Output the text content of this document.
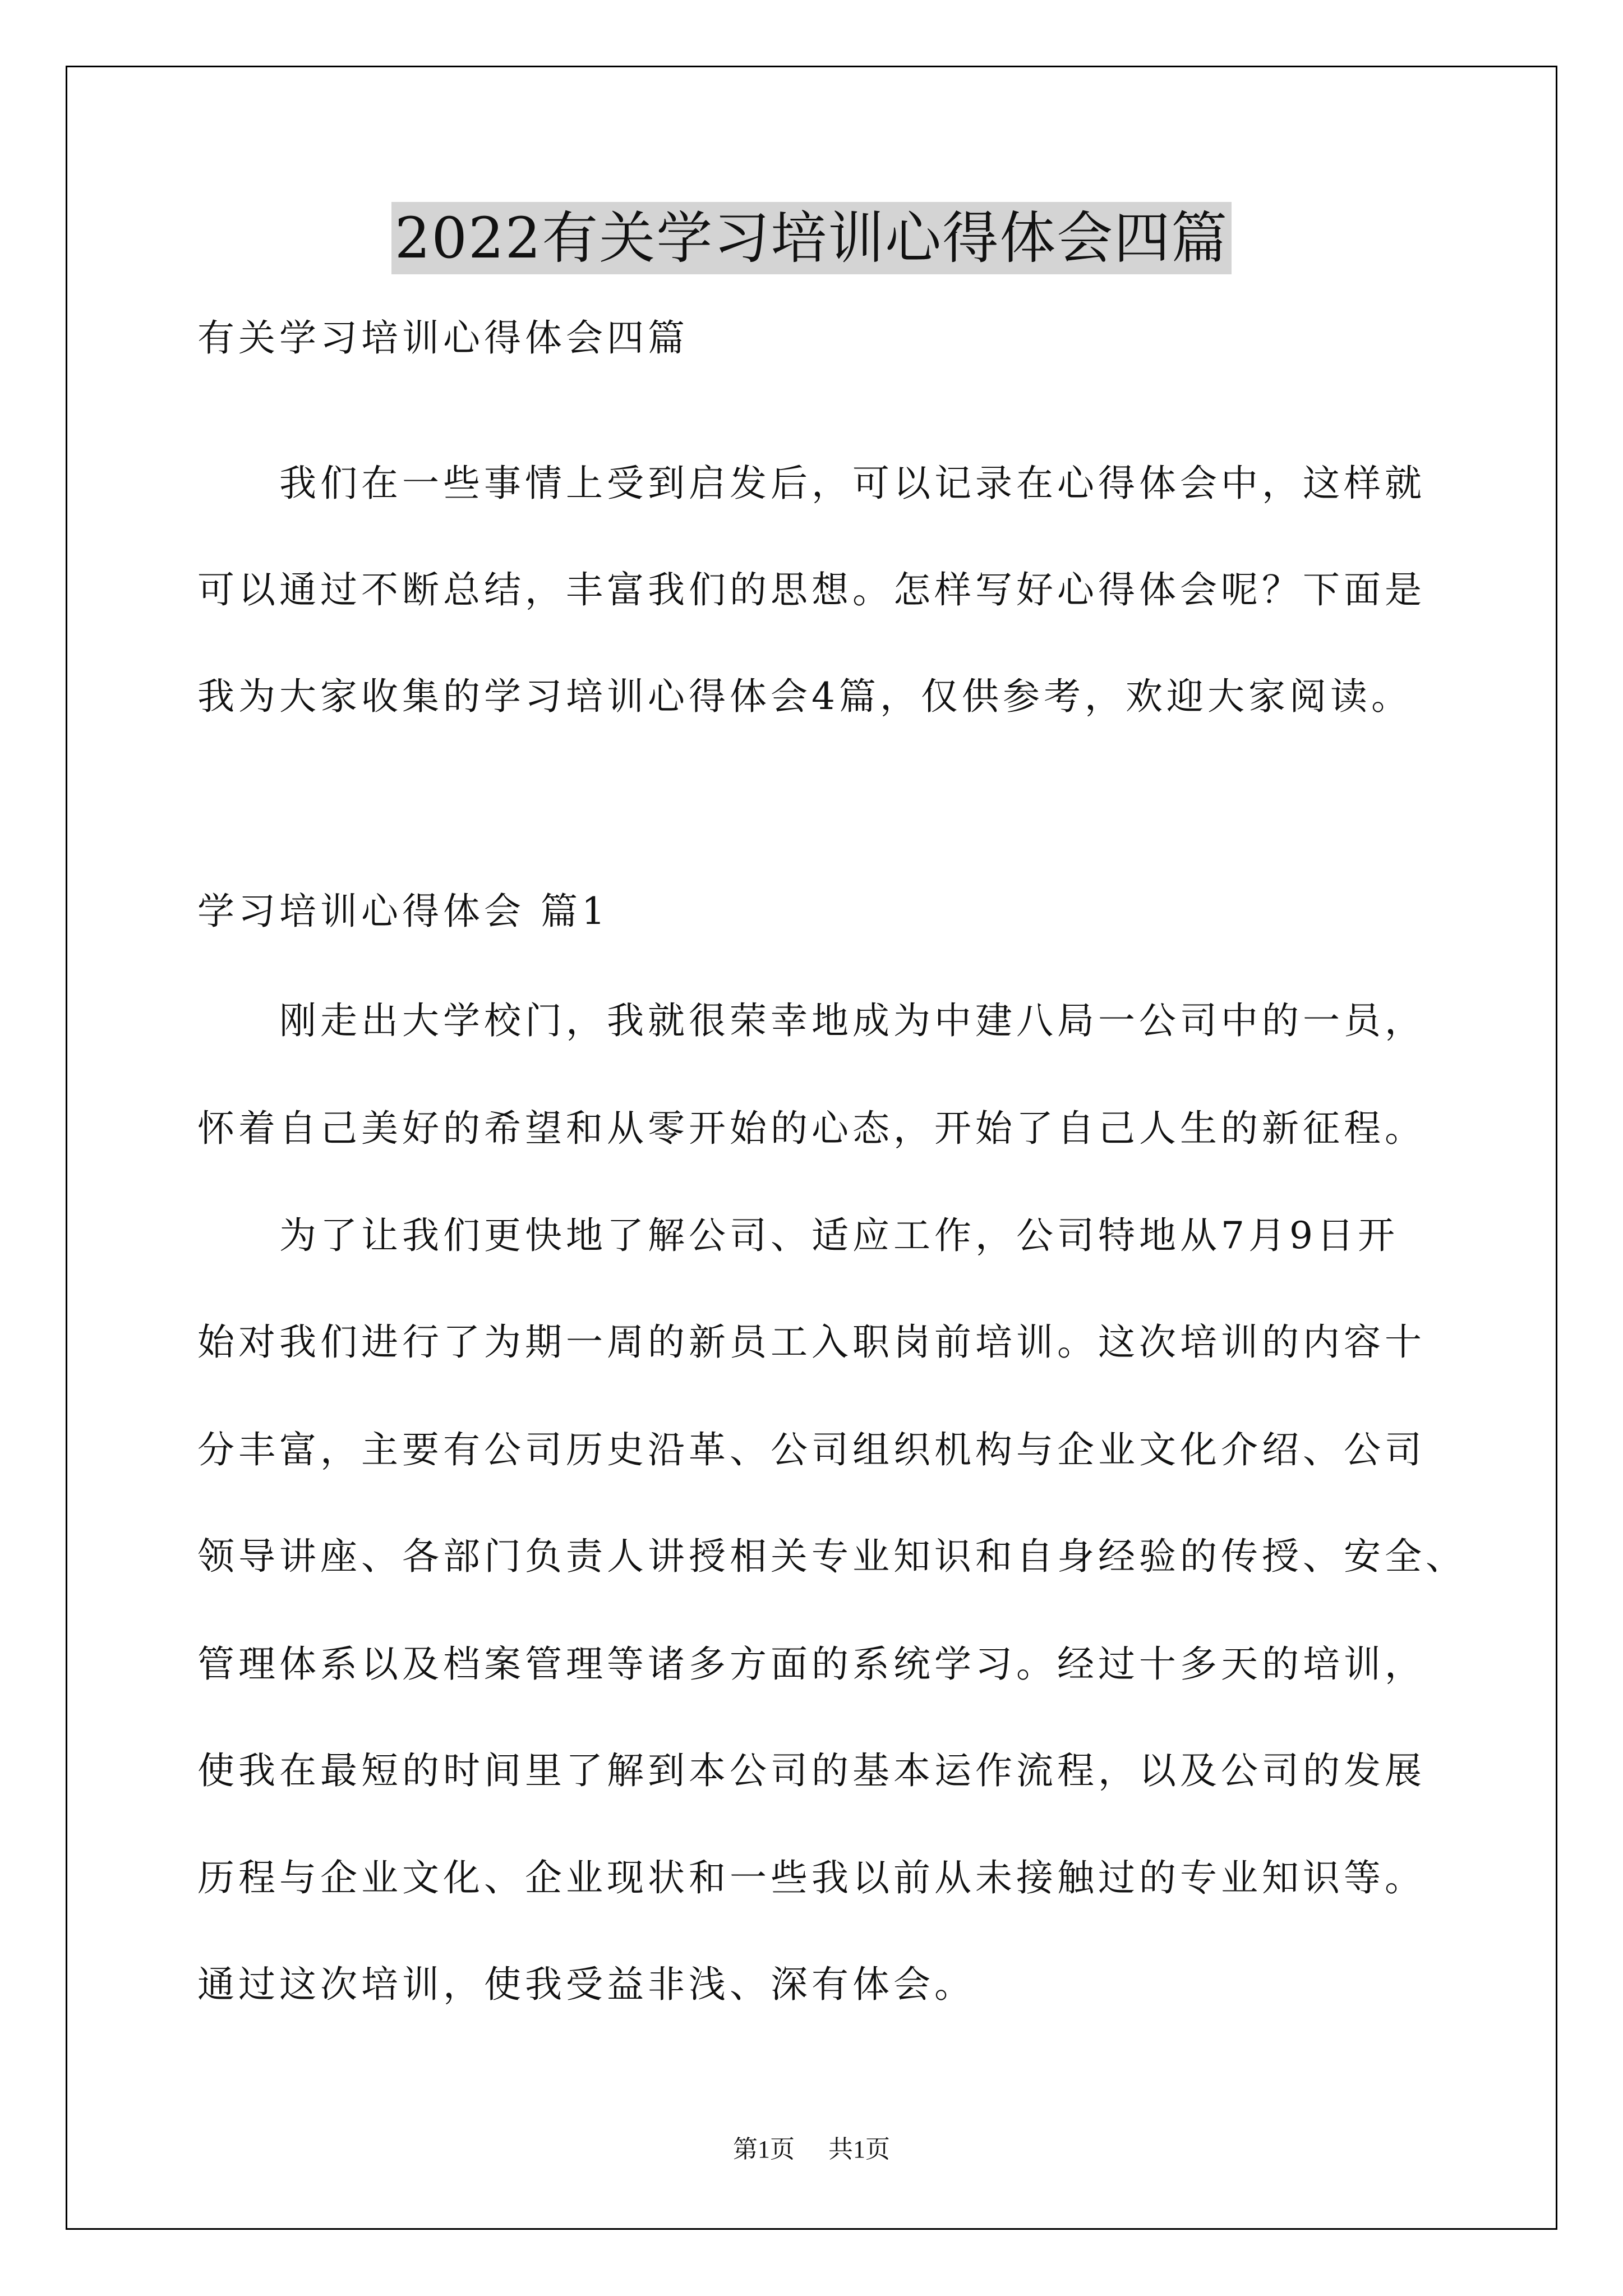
2022有关学习培训心得体会四篇
有关学习培训心得体会四篇
我们在一些事情上受到启发后，可以记录在心得体会中，这样就
可以通过不断总结，丰富我们的思想。怎样写好心得体会呢？下面是
我为大家收集的学习培训心得体会4篇，仅供参考，欢迎大家阅读。
学习培训心得体会 篇1
刚走出大学校门，我就很荣幸地成为中建八局一公司中的一员，
怀着自己美好的希望和从零开始的心态，开始了自己人生的新征程。
为了让我们更快地了解公司、适应工作，公司特地从7月9日开
始对我们进行了为期一周的新员工入职岗前培训。这次培训的内容十
分丰富，主要有公司历史沿革、公司组织机构与企业文化介绍、公司
领导讲座、各部门负责人讲授相关专业知识和自身经验的传授、安全、
管理体系以及档案管理等诸多方面的系统学习。经过十多天的培训，
使我在最短的时间里了解到本公司的基本运作流程，以及公司的发展
历程与企业文化、企业现状和一些我以前从未接触过的专业知识等。
通过这次培训，使我受益非浅、深有体会。
第1页 共1页
